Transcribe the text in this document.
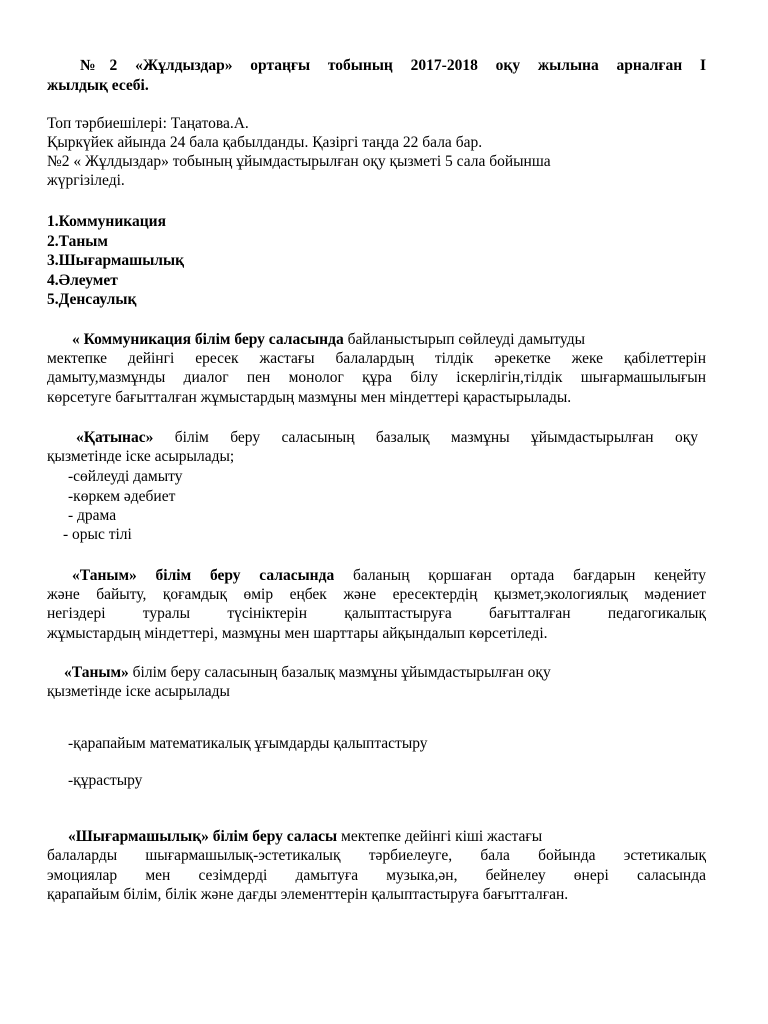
№2 «Жұлдыздар» ортаңғы тобының 2017-2018 оқу жылына арналған I
жылдық есебі.
Топ тәрбиешілері: Таңатова.А.
Қыркүйек айында 24 бала қабылданды. Қазіргі таңда 22 бала бар.
№2 « Жұлдыздар» тобының ұйымдастырылған оқу қызметі 5 сала бойынша
жүргізіледі.
1.Коммуникация
2.Таным
3.Шығармашылық
4.Әлеумет
5.Денсаулық
« Коммуникация білім беру саласында байланыстырып сөйлеуді дамытуды
мектепке дейінгі ересек жастағы балалардың тілдік әрекетке жеке қабілеттерін
дамыту,мазмұнды диалог пен монолог құра білу іскерлігін,тілдік шығармашылығын
көрсетуге бағытталған жұмыстардың мазмұны мен міндеттері қарастырылады.
«Қатынас» білім беру саласының базалық мазмұны ұйымдастырылған оқу
қызметінде іске асырылады;
-сөйлеуді дамыту
-көркем әдебиет
- драма
- орыс тілі
«Таным» білім беру саласында баланың қоршаған ортада бағдарын кеңейту
және байыту, қоғамдық өмір еңбек және ересектердің қызмет,экологиялық мәдениет
негіздері туралы түсініктерін қалыптастыруға бағытталған педагогикалық
жұмыстардың міндеттері, мазмұны мен шарттары айқындалып көрсетіледі.
«Таным» білім беру саласының базалық мазмұны ұйымдастырылған оқу
қызметінде іске асырылады
-қарапайым математикалық ұғымдарды қалыптастыру
-құрастыру
«Шығармашылық» білім беру саласы мектепке дейінгі кіші жастағы
балаларды шығармашылық-эстетикалық тәрбиелеуге, бала бойында эстетикалық
эмоциялар мен сезімдерді дамытуға музыка,ән, бейнелеу өнері саласында
қарапайым білім, білік және дағды элементтерін қалыптастыруға бағытталған.
